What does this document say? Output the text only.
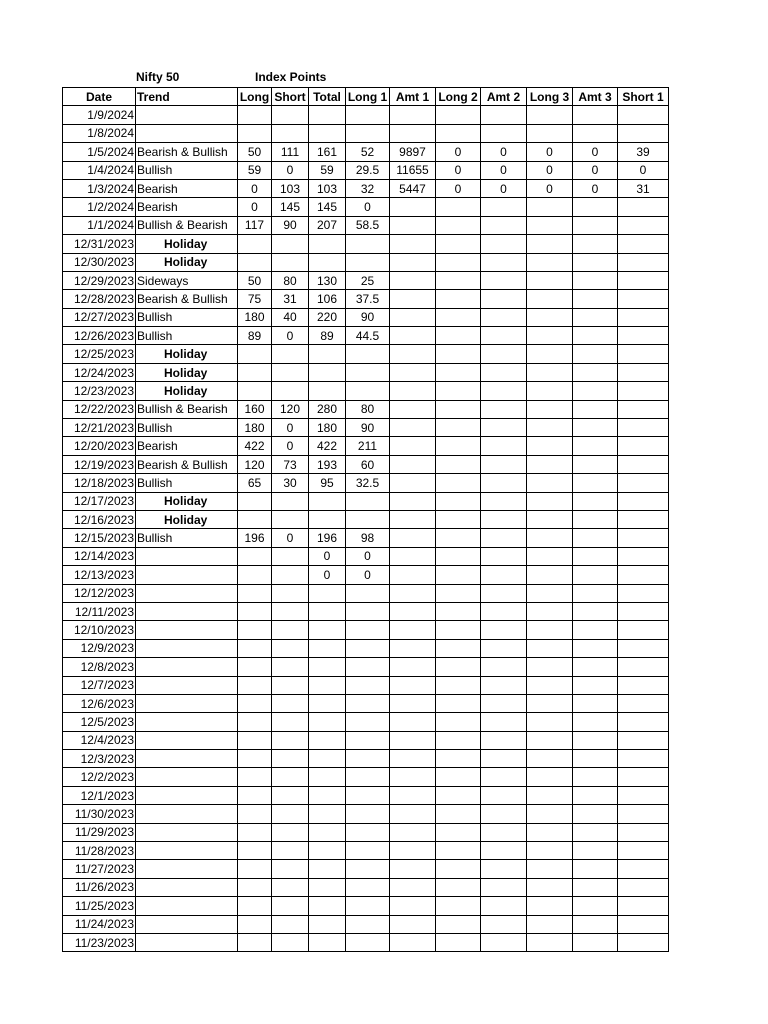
Nifty 50	Index Points
Date	Trend	Long	Short	Total	Long 1	Amt 1	Long 2	Amt 2	Long 3	Amt 3	Short 1
1/9/2024											
1/8/2024											
1/5/2024	Bearish & Bullish	50	111	161	52	9897	0	0	0	0	39
1/4/2024	Bullish	59	0	59	29.5	11655	0	0	0	0	0
1/3/2024	Bearish	0	103	103	32	5447	0	0	0	0	31
1/2/2024	Bearish	0	145	145	0						
1/1/2024	Bullish & Bearish	117	90	207	58.5						
12/31/2023	Holiday										
12/30/2023	Holiday										
12/29/2023	Sideways	50	80	130	25						
12/28/2023	Bearish & Bullish	75	31	106	37.5						
12/27/2023	Bullish	180	40	220	90						
12/26/2023	Bullish	89	0	89	44.5						
12/25/2023	Holiday										
12/24/2023	Holiday										
12/23/2023	Holiday										
12/22/2023	Bullish & Bearish	160	120	280	80						
12/21/2023	Bullish	180	0	180	90						
12/20/2023	Bearish	422	0	422	211						
12/19/2023	Bearish & Bullish	120	73	193	60						
12/18/2023	Bullish	65	30	95	32.5						
12/17/2023	Holiday										
12/16/2023	Holiday										
12/15/2023	Bullish	196	0	196	98						
12/14/2023				0	0						
12/13/2023				0	0						
12/12/2023											
12/11/2023											
12/10/2023											
12/9/2023											
12/8/2023											
12/7/2023											
12/6/2023											
12/5/2023											
12/4/2023											
12/3/2023											
12/2/2023											
12/1/2023											
11/30/2023											
11/29/2023											
11/28/2023											
11/27/2023											
11/26/2023											
11/25/2023											
11/24/2023											
11/23/2023											
